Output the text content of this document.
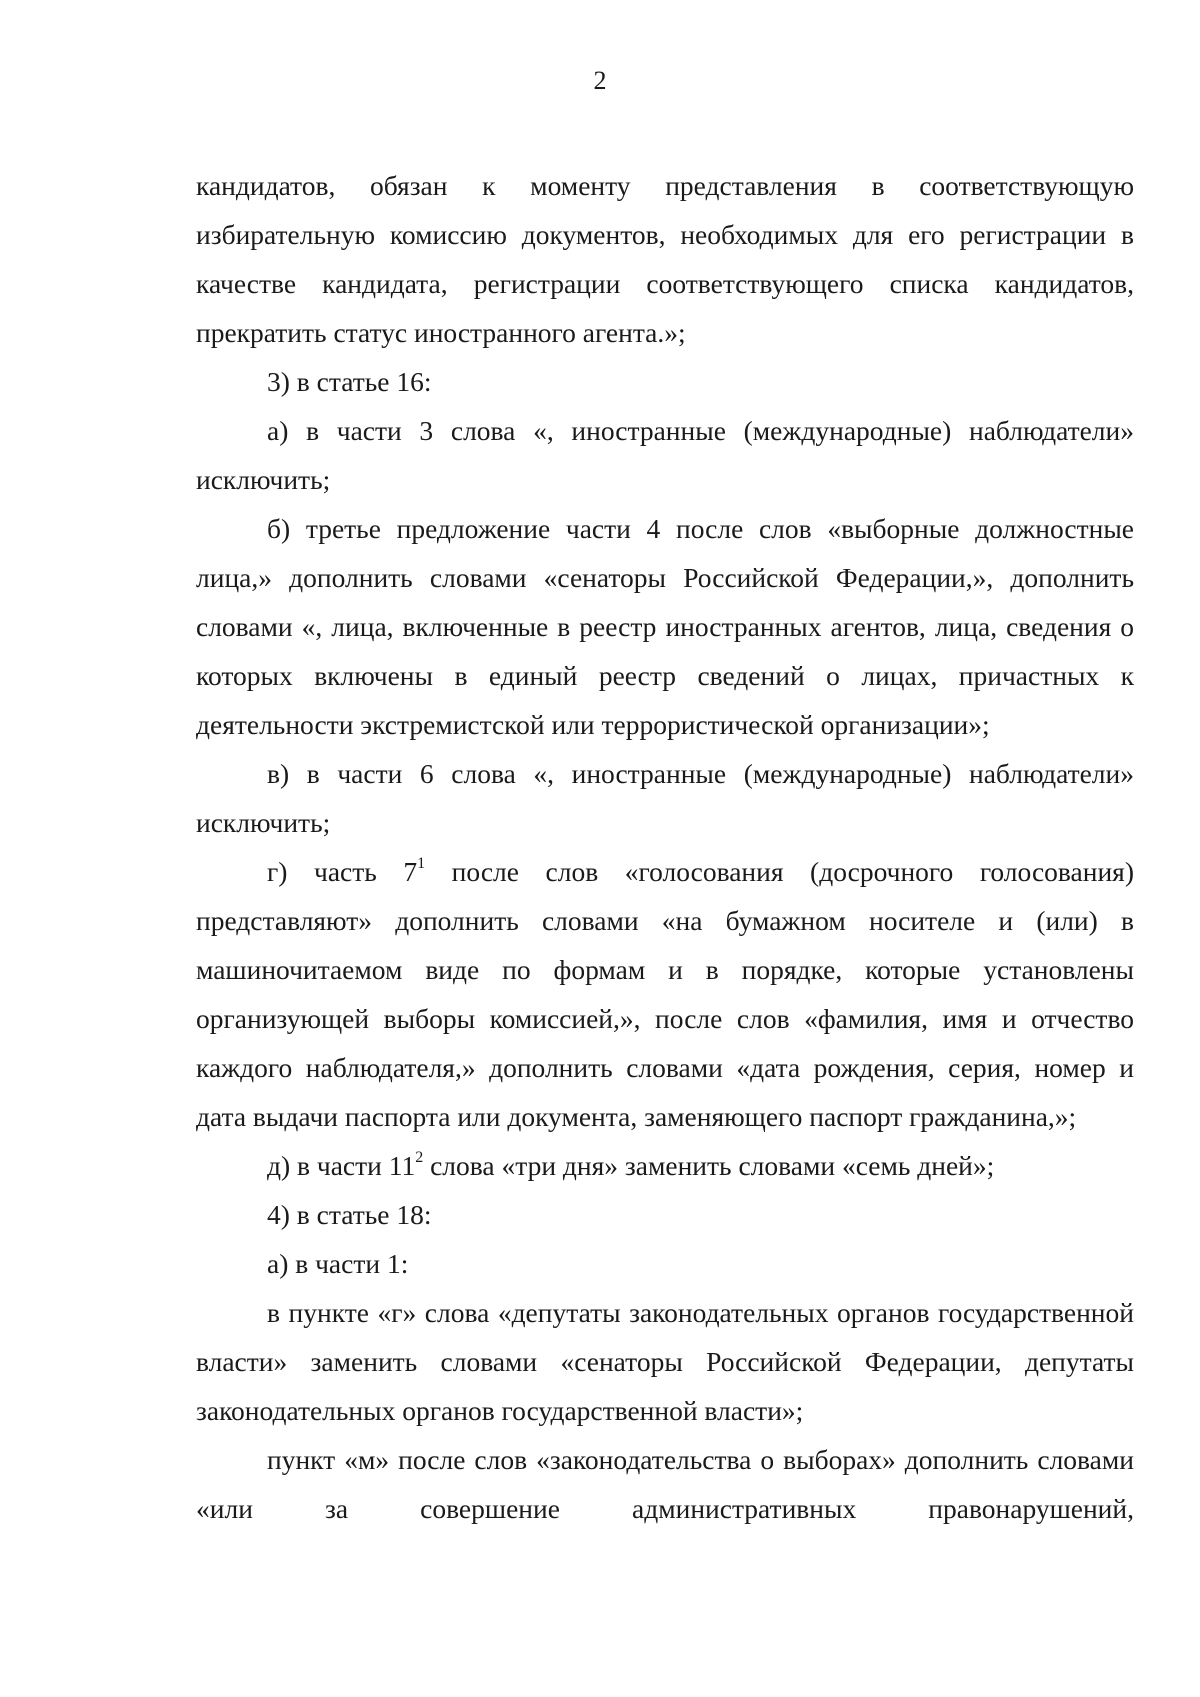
2

кандидатов, обязан к моменту представления в соответствующую избирательную комиссию документов, необходимых для его регистрации в качестве кандидата, регистрации соответствующего списка кандидатов, прекратить статус иностранного агента.»;

3) в статье 16:

а) в части 3 слова «, иностранные (международные) наблюдатели» исключить;

б) третье предложение части 4 после слов «выборные должностные лица,» дополнить словами «сенаторы Российской Федерации,», дополнить словами «, лица, включенные в реестр иностранных агентов, лица, сведения о которых включены в единый реестр сведений о лицах, причастных к деятельности экстремистской или террористической организации»;

в) в части 6 слова «, иностранные (международные) наблюдатели» исключить;

г) часть $7^1$ после слов «голосования (досрочного голосования) представляют» дополнить словами «на бумажном носителе и (или) в машиночитаемом виде по формам и в порядке, которые установлены организующей выборы комиссией,», после слов «фамилия, имя и отчество каждого наблюдателя,» дополнить словами «дата рождения, серия, номер и дата выдачи паспорта или документа, заменяющего паспорт гражданина,»;

д) в части $11^2$ слова «три дня» заменить словами «семь дней»;

4) в статье 18:

а) в части 1:

в пункте «г» слова «депутаты законодательных органов государственной власти» заменить словами «сенаторы Российской Федерации, депутаты законодательных органов государственной власти»;

пункт «м» после слов «законодательства о выборах» дополнить словами «или за совершение административных правонарушений,
